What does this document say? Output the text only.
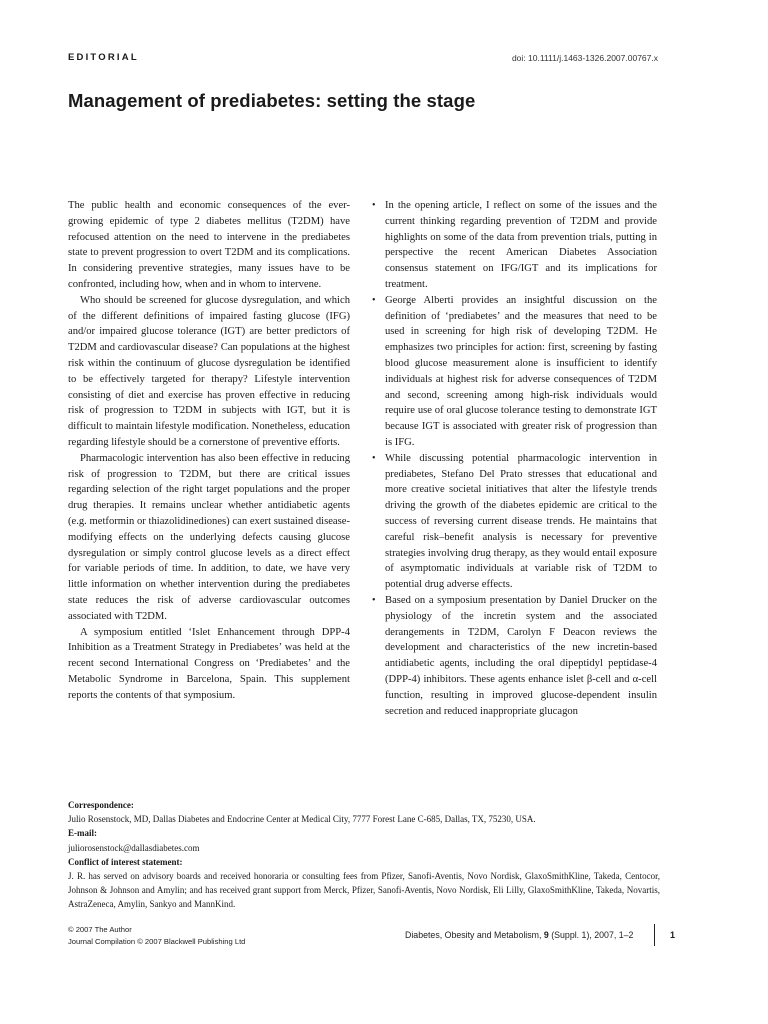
EDITORIAL	doi: 10.1111/j.1463-1326.2007.00767.x
Management of prediabetes: setting the stage

The public health and economic consequences of the ever-growing epidemic of type 2 diabetes mellitus (T2DM) have refocused attention on the need to intervene in the prediabetes state to prevent progression to overt T2DM and its complications. In considering preventive strategies, many issues have to be confronted, including how, when and in whom to intervene.

Who should be screened for glucose dysregulation, and which of the different definitions of impaired fasting glucose (IFG) and/or impaired glucose tolerance (IGT) are better predictors of T2DM and cardiovascular disease? Can populations at the highest risk within the continuum of glucose dysregulation be identified to be effectively targeted for therapy? Lifestyle intervention consisting of diet and exercise has proven effective in reducing risk of progression to T2DM in subjects with IGT, but it is difficult to maintain lifestyle modification. Nonetheless, education regarding lifestyle should be a cornerstone of preventive efforts.

Pharmacologic intervention has also been effective in reducing risk of progression to T2DM, but there are critical issues regarding selection of the right target populations and the proper drug therapies. It remains unclear whether antidiabetic agents (e.g. metformin or thiazolidinediones) can exert sustained disease-modifying effects on the underlying defects causing glucose dysregulation or simply control glucose levels as a direct effect for variable periods of time. In addition, to date, we have very little information on whether intervention during the prediabetes state reduces the risk of adverse cardiovascular outcomes associated with T2DM.

A symposium entitled ‘Islet Enhancement through DPP-4 Inhibition as a Treatment Strategy in Prediabetes’ was held at the recent second International Congress on ‘Prediabetes’ and the Metabolic Syndrome in Barcelona, Spain. This supplement reports the contents of that symposium.

• In the opening article, I reflect on some of the issues and the current thinking regarding prevention of T2DM and provide highlights on some of the data from prevention trials, putting in perspective the recent American Diabetes Association consensus statement on IFG/IGT and its implications for treatment.
• George Alberti provides an insightful discussion on the definition of ‘prediabetes’ and the measures that need to be used in screening for high risk of developing T2DM. He emphasizes two principles for action: first, screening by fasting blood glucose measurement alone is insufficient to identify individuals at highest risk for adverse consequences of T2DM and second, screening among high-risk individuals would require use of oral glucose tolerance testing to demonstrate IGT because IGT is associated with greater risk of progression than is IFG.
• While discussing potential pharmacologic intervention in prediabetes, Stefano Del Prato stresses that educational and more creative societal initiatives that alter the lifestyle trends driving the growth of the diabetes epidemic are critical to the success of reversing current disease trends. He maintains that careful risk–benefit analysis is necessary for preventive strategies involving drug therapy, as they would entail exposure of asymptomatic individuals at variable risk of T2DM to potential drug adverse effects.
• Based on a symposium presentation by Daniel Drucker on the physiology of the incretin system and the associated derangements in T2DM, Carolyn F Deacon reviews the development and characteristics of the new incretin-based antidiabetic agents, including the oral dipeptidyl peptidase-4 (DPP-4) inhibitors. These agents enhance islet β-cell and α-cell function, resulting in improved glucose-dependent insulin secretion and reduced inappropriate glucagon
Correspondence:
Julio Rosenstock, MD, Dallas Diabetes and Endocrine Center at Medical City, 7777 Forest Lane C-685, Dallas, TX, 75230, USA.
E-mail:
juliorosenstock@dallasdiabetes.com
Conflict of interest statement:
J. R. has served on advisory boards and received honoraria or consulting fees from Pfizer, Sanofi-Aventis, Novo Nordisk, GlaxoSmithKline, Takeda, Centocor, Johnson & Johnson and Amylin; and has received grant support from Merck, Pfizer, Sanofi-Aventis, Novo Nordisk, Eli Lilly, GlaxoSmithKline, Takeda, Novartis, AstraZeneca, Amylin, Sankyo and MannKind.
© 2007 The Author
Journal Compilation © 2007 Blackwell Publishing Ltd
Diabetes, Obesity and Metabolism, 9 (Suppl. 1), 2007, 1–2	1
